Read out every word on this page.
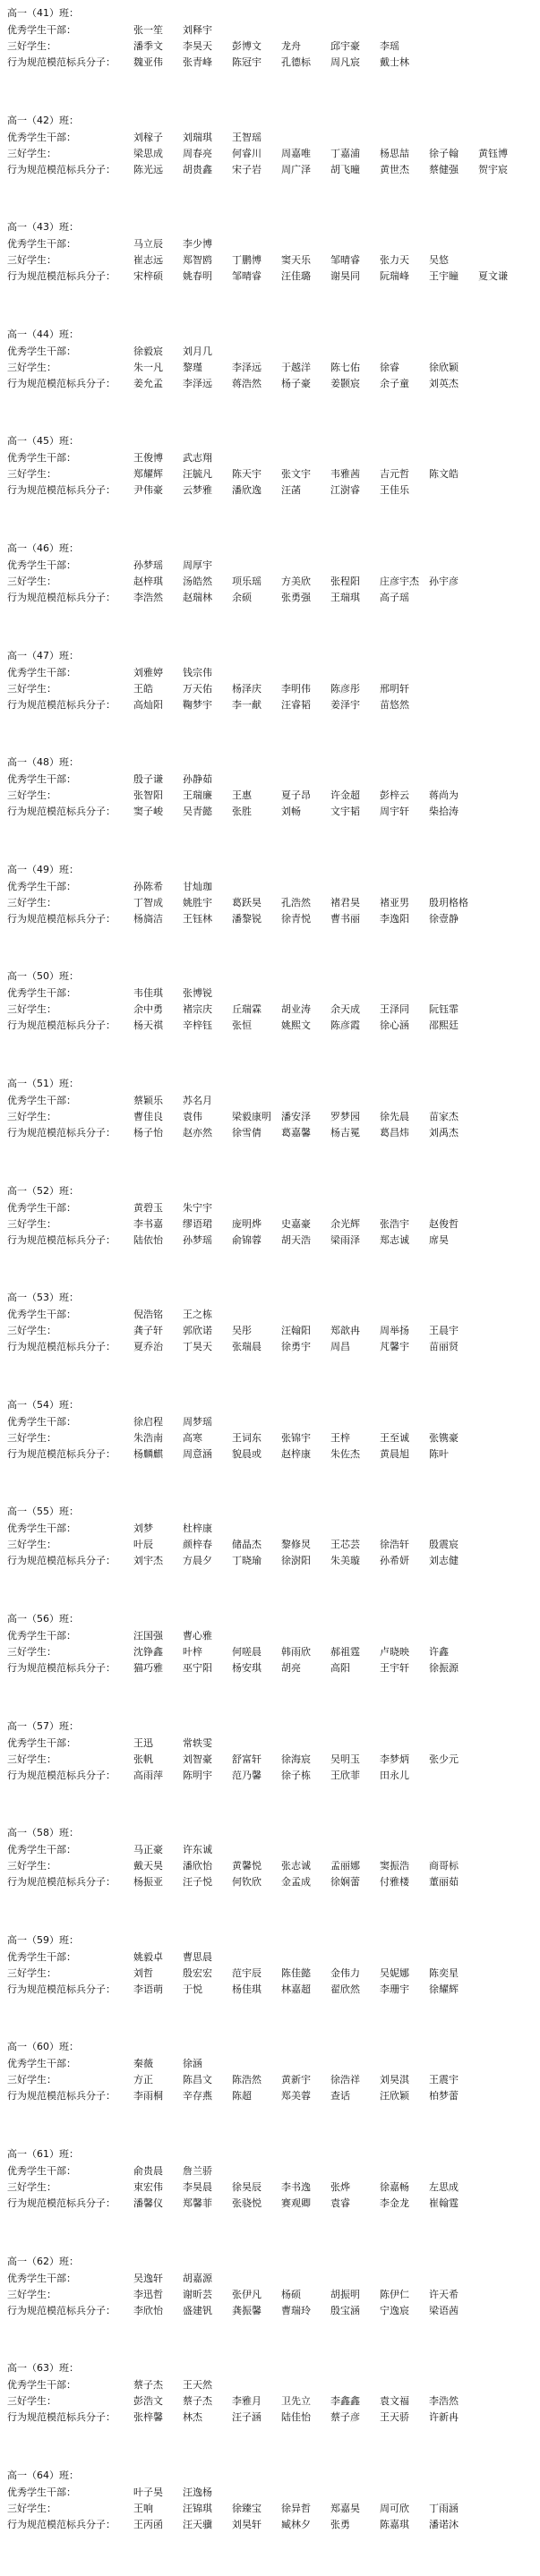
高一（41）班：
优秀学生干部：	张一笙 刘释宇
三好学生：	潘季文 李昊天 彭博文 龙舟	邱宇豪 李瑶
行为规范模范标兵分子： 魏亚伟 张青峰 陈冠宇 孔德标 周凡宸 戴士林
高一（42）班：
优秀学生干部：	刘稼子 刘瑞琪 王智瑶
三好学生：	梁思成 周春亮 何睿川 周嘉唯 丁嘉浦 杨思喆 徐子翰 黄钰博
行为规范模范标兵分子： 陈光远 胡贵鑫 宋子岩 周广泽 胡飞曈 黄世杰 蔡健强 贺宇宸
高一（43）班：
优秀学生干部：	马立辰 李少博
三好学生：	崔志远 郑智鸥 丁鹏博 窦天乐 邹晴睿 张力天 吴悠
行为规范模范标兵分子： 宋梓硕 姚春明 邹晴睿 汪佳璐 谢昊同 阮瑞峰 王宇瞳 夏文谦
高一（44）班：
优秀学生干部：	徐毅宸 刘月几
三好学生：	朱一凡 黎瑾	李泽远 于越洋 陈七佑 徐睿	徐欣颖
行为规范模范标兵分子： 姜允孟 李泽远 蒋浩然 杨子豪 姜颢宸 余子童 刘英杰
高一（45）班：
优秀学生干部：	王俊博 武志翔
三好学生：	郑耀辉 汪毓凡 陈天宇 张文宇 韦雅茜 吉元哲 陈文皓
行为规范模范标兵分子： 尹伟豪 云梦雅 潘欣逸 汪菡	江澍睿 王佳乐
高一（46）班：
优秀学生干部：	孙梦瑶 周厚宇
三好学生：	赵梓琪 汤皓然 项乐瑶 方美欣 张程阳 庄彦宇杰 孙宇彦
行为规范模范标兵分子： 李浩然 赵瑞林 余硕	张勇强 王瑞琪 高子瑶
高一（47）班：
优秀学生干部：	刘雅婷 钱宗伟
三好学生：	王皓	万天佑 杨泽庆 李明伟 陈彦彤 邢明轩
行为规范模范标兵分子： 高灿阳 鞠梦宇 李一献 汪睿韬 姜泽宇 苗悠然
高一（48）班：
优秀学生干部：	殷子谦 孙静茹
三好学生：	张智阳 王瑞廉 王惠	夏子昂 许金超 彭梓云 蒋尚为
行为规范模范标兵分子： 窦子峻 吴青懿 张胜	刘畅	文宇韬 周宇轩 柴拾涛
高一（49）班：
优秀学生干部：	孙陈希 甘灿珈
三好学生：	丁智成 姚胜宇 葛跃昊 孔浩然 褚君昊 褚亚男 殷玥格格
行为规范模范标兵分子： 杨旖洁 王钰林 潘黎锐 徐青悦 曹书丽 李逸阳 徐壹静
高一（50）班：
优秀学生干部：	韦佳琪 张博锐
三好学生：	余中勇 褚宗庆 丘瑞霖 胡业涛 余天成 王泽同 阮钰霏
行为规范模范标兵分子： 杨天祺 辛梓钰 张恒	姚熙文 陈彦霞 徐心涵 邵熙廷
高一（51）班：
优秀学生干部：	蔡颖乐 苏名月
三好学生：	曹佳良 袁伟	梁毅康明 潘安泽 罗梦园 徐先晨 苗家杰
行为规范模范标兵分子： 杨子怡 赵亦然 徐雪倩 葛嘉馨 杨吉冕 葛昌炜 刘禹杰
高一（52）班：
优秀学生干部：	黄碧玉 朱宁宇
三好学生：	李书嘉 缪语珺 庞明烨 史嘉豪 余光辉 张浩宇 赵俊哲
行为规范模范标兵分子： 陆依怡 孙梦瑶 俞锦蓉 胡天浩 梁雨泽 郑志诚 席昊
高一（53）班：
优秀学生干部：	倪浩铭 王之栋
三好学生：	龚子轩 郭欣诺 吴彤	汪翰阳 郑歆冉 周举扬 王晨宇
行为规范模范标兵分子： 夏乔治 丁昊天 张瑞晨 徐勇宇 周昌	芃馨宇 苗丽贤
高一（54）班：
优秀学生干部：	徐启程 周梦瑶
三好学生：	朱浩南 高寒	王词东 张锦宇 王梓	王至诚 张镌豪
行为规范模范标兵分子： 杨麟麒 周意涵 貌晨或 赵梓康 朱佐杰 黄晨旭 陈叶
高一（55）班：
优秀学生干部：	刘梦	杜梓康
三好学生：	叶辰	颜梓春 储晶杰 黎修炅 王芯芸 徐浩轩 殷震宸
行为规范模范标兵分子： 刘宇杰 方晨夕 丁晓瑜 徐澍阳 朱美璇 孙希妍 刘志健
高一（56）班：
优秀学生干部：	汪国强 曹心雅
三好学生：	沈铮鑫 叶梓	何嗟晨 韩雨欣 郝祖霆 卢晓映 许鑫
行为规范模范标兵分子： 猫巧雅 巫宁阳 杨安琪 胡亮	高阳	王宇轩 徐振源
高一（57）班：
优秀学生干部：	王迅	常轶雯
三好学生：	张帆	刘智豪 舒富轩 徐海宸 吴明玉 李梦炳 张少元
行为规范模范标兵分子： 高雨萍 陈明宇 范乃馨 徐子栋 王欣菲 田永儿
高一（58）班：
优秀学生干部：	马正豪 许东诚
三好学生：	戴天昊 潘欣怡 黄馨悦 张志诚 孟丽娜 窦振浩 商哥标
行为规范模范标兵分子： 杨振亚 汪子悦 何钦欣 金孟成 徐娴蕾 付雅楼 董丽茹
高一（59）班：
优秀学生干部：	姚毅卓 曹思晨
三好学生：	刘哲	殷宏宏 范宇辰 陈佳懿 金伟力 吴妮娜 陈奕星
行为规范模范标兵分子： 李语萌 于悦	杨佳琪 林嘉超 翟欣然 李珊宇 徐耀辉
高一（60）班：
优秀学生干部：	秦薇	徐涵
三好学生：	方正	陈昌文 陈浩然 黄新宇 徐浩祥 刘昊淇 王震宇
行为规范模范标兵分子： 李雨桐 辛存燕 陈超	郑美蓉 查话	汪欣颖 柏梦蕾
高一（61）班：
优秀学生干部：	俞贵晨 詹兰骄
三好学生：	束宏伟 李昊晨 徐昊辰 李书逸 张烨	徐嘉畅 左思成
行为规范模范标兵分子： 潘馨仪 郑馨菲 张骁悦 赛观卿 袁睿	李金龙 崔翰霆
高一（62）班：
优秀学生干部：	吴逸轩 胡嘉源
三好学生：	李迅哲 谢昕芸 张伊凡 杨硕	胡振明 陈伊仁 许天希
行为规范模范标兵分子： 李欣怡 盛建钒 龚振馨 曹瑞玲 殷宝涵 宁逸宸 梁语茜
高一（63）班：
优秀学生干部：	蔡子杰 王天然
三好学生：	彭浩文 蔡子杰 李雅月 卫先立 李鑫鑫 袁文福 李浩然
行为规范模范标兵分子： 张梓馨 林杰	汪子涵 陆佳怡 蔡子彦 王天骄 许新冉
高一（64）班：
优秀学生干部：	叶子昊 汪逸杨
三好学生：	王响	汪锦琪 徐臻宝 徐异哲 郑嘉昊 周可欣 丁雨涵
行为规范模范标兵分子： 王丙函 汪天骥 刘昊轩 臧林夕 张勇	陈嘉琪 潘诺沐
